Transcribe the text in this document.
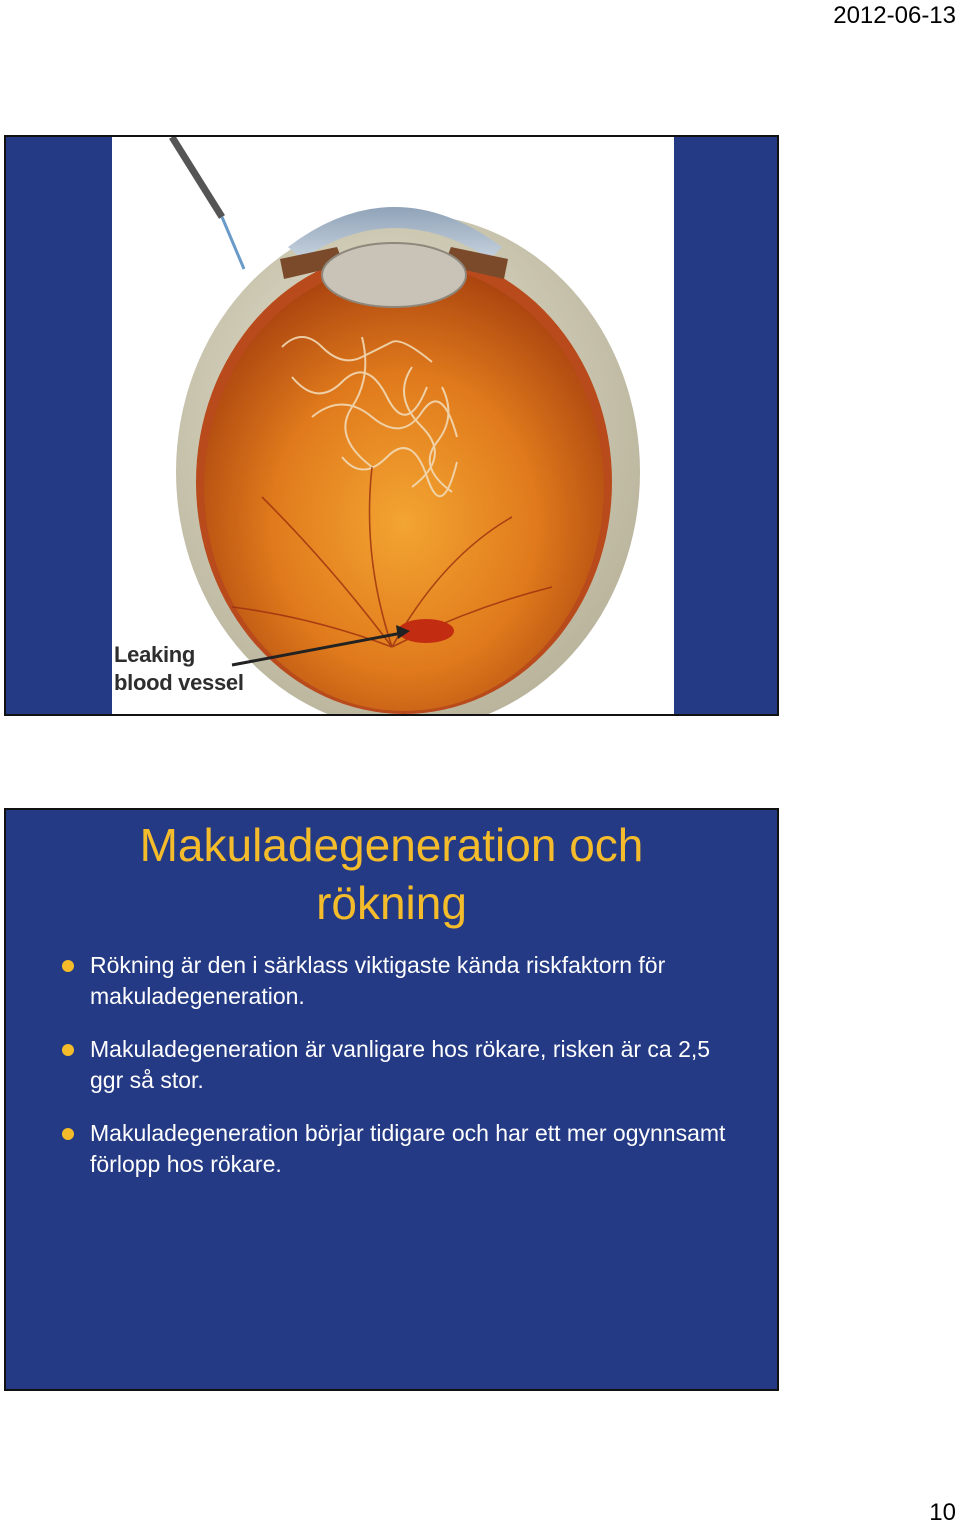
2012-06-13
Leaking
blood vessel
Makuladegeneration och
rökning
Rökning är den i särklass viktigaste kända riskfaktorn för makuladegeneration.
Makuladegeneration är vanligare hos rökare, risken är ca 2,5 ggr så stor.
Makuladegeneration börjar tidigare och har ett mer ogynnsamt förlopp hos rökare.
10
